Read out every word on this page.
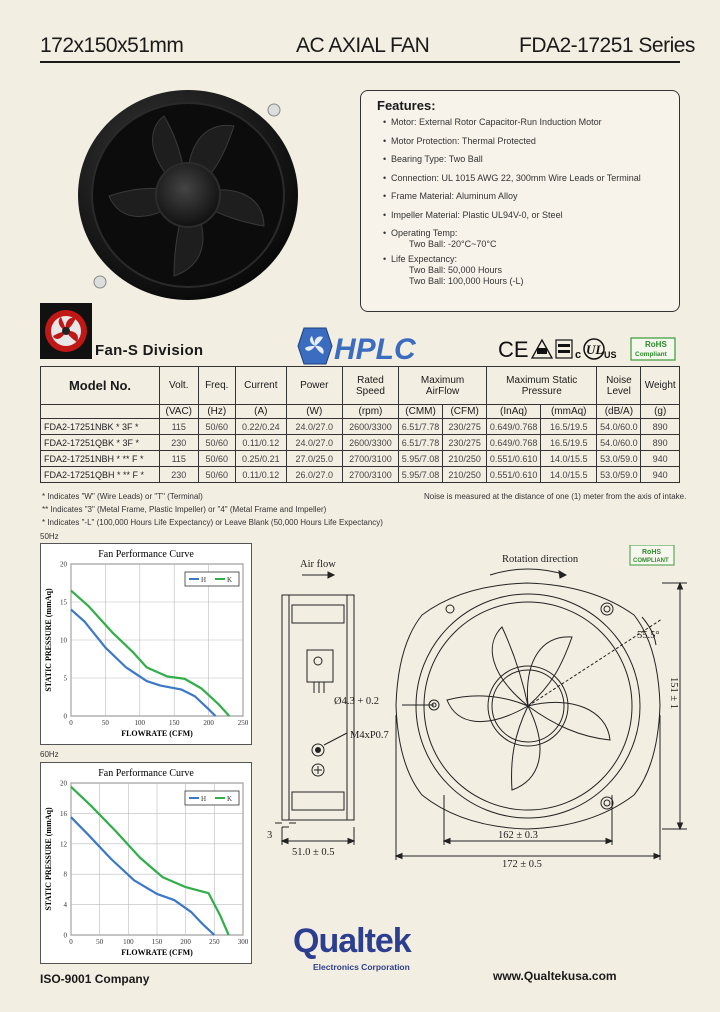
172x150x51mm	AC AXIAL FAN	FDA2-17251 Series
Features:
• Motor: External Rotor Capacitor-Run Induction Motor
• Motor Protection: Thermal Protected
• Bearing Type: Two Ball
• Connection: UL 1015 AWG 22, 300mm Wire Leads or Terminal
• Frame Material: Aluminum Alloy
• Impeller Material: Plastic UL94V-0, or Steel
• Operating Temp:
Two Ball: -20°C~70°C
• Life Expectancy:
Two Ball: 50,000 Hours
Two Ball: 100,000 Hours (-L)
Fan-S Division	HPLC	CE	c UL US
RoHS
Compliant
Model No.	Volt.	Freq.	Current	Power	Rated
Speed	Maximum
AirFlow		Maximum Static
Pressure		Noise
Level	Weight
	(VAC)	(Hz)	(A)	(W)	(rpm)	(CMM)	(CFM)	(InAq)	(mmAq)	(dB/A)	(g)
FDA2-17251NBK * 3F *	115	50/60	0.22/0.24	24.0/27.0	2600/3300	6.51/7.78	230/275	0.649/0.768	16.5/19.5	54.0/60.0	890
FDA2-17251QBK * 3F *	230	50/60	0.11/0.12	24.0/27.0	2600/3300	6.51/7.78	230/275	0.649/0.768	16.5/19.5	54.0/60.0	890
FDA2-17251NBH * ** F *	115	50/60	0.25/0.21	27.0/25.0	2700/3100	5.95/7.08	210/250	0.551/0.610	14.0/15.5	53.0/59.0	940
FDA2-17251QBH * ** F *	230	50/60	0.11/0.12	26.0/27.0	2700/3100	5.95/7.08	210/250	0.551/0.610	14.0/15.5	53.0/59.0	940
* Indicates "W" (Wire Leads) or "T" (Terminal)	Noise is measured at the distance of one (1) meter from the axis of intake.
** Indicates "3" (Metal Frame, Plastic Impeller) or "4" (Metal Frame and Impeller)
* Indicates "-L" (100,000 Hours Life Expectancy) or Leave Blank (50,000 Hours Life Expectancy)
50Hz
Fan Performance Curve
0	50	100	150	200	250
0
5
10
15
20
FLOWRATE (CFM)
STATIC PRESSURE (mmAq)
H	K
60Hz
Fan Performance Curve
0	50	100	150	200	250	300
0
4
8
12
16
20
FLOWRATE (CFM)
STATIC PRESSURE (mmAq)
H	K
Air flow	Rotation direction
55.5°
Ø4.3 + 0.2
M4xP0.7
151 ± 1
162 ± 0.3
172 ± 0.5
51.0 ± 0.5
3
RoHS
COMPLIANT
Qualtek
Electronics Corporation
ISO-9001 Company	www.Qualtekusa.com
